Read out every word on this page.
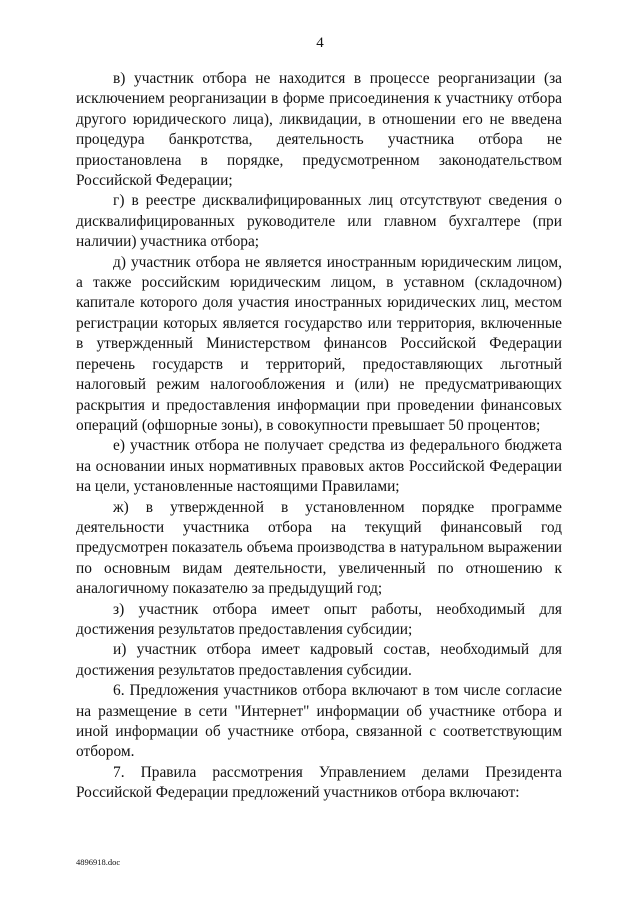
4

в) участник отбора не находится в процессе реорганизации (за исключением реорганизации в форме присоединения к участнику отбора другого юридического лица), ликвидации, в отношении его не введена процедура банкротства, деятельность участника отбора не приостановлена в порядке, предусмотренном законодательством Российской Федерации;

г) в реестре дисквалифицированных лиц отсутствуют сведения о дисквалифицированных руководителе или главном бухгалтере (при наличии) участника отбора;

д) участник отбора не является иностранным юридическим лицом, а также российским юридическим лицом, в уставном (складочном) капитале которого доля участия иностранных юридических лиц, местом регистрации которых является государство или территория, включенные в утвержденный Министерством финансов Российской Федерации перечень государств и территорий, предоставляющих льготный налоговый режим налогообложения и (или) не предусматривающих раскрытия и предоставления информации при проведении финансовых операций (офшорные зоны), в совокупности превышает 50 процентов;

е) участник отбора не получает средства из федерального бюджета на основании иных нормативных правовых актов Российской Федерации на цели, установленные настоящими Правилами;

ж) в утвержденной в установленном порядке программе деятельности участника отбора на текущий финансовый год предусмотрен показатель объема производства в натуральном выражении по основным видам деятельности, увеличенный по отношению к аналогичному показателю за предыдущий год;

з) участник отбора имеет опыт работы, необходимый для достижения результатов предоставления субсидии;

и) участник отбора имеет кадровый состав, необходимый для достижения результатов предоставления субсидии.

6. Предложения участников отбора включают в том числе согласие на размещение в сети "Интернет" информации об участнике отбора и иной информации об участнике отбора, связанной с соответствующим отбором.

7. Правила рассмотрения Управлением делами Президента Российской Федерации предложений участников отбора включают:

4896918.doc
